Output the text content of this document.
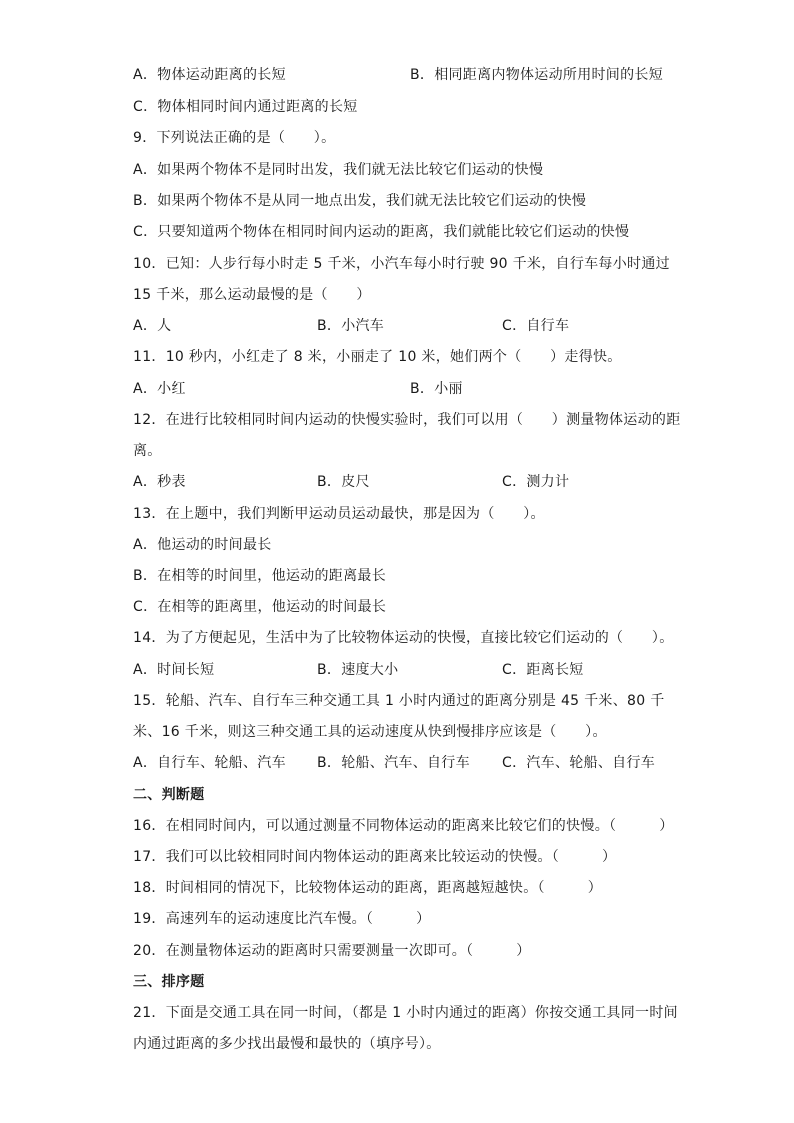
A．物体运动距离的长短	B．相同距离内物体运动所用时间的长短
C．物体相同时间内通过距离的长短
9．下列说法正确的是（　　）。
A．如果两个物体不是同时出发，我们就无法比较它们运动的快慢
B．如果两个物体不是从同一地点出发，我们就无法比较它们运动的快慢
C．只要知道两个物体在相同时间内运动的距离，我们就能比较它们运动的快慢
10．已知：人步行每小时走 5 千米，小汽车每小时行驶 90 千米，自行车每小时通过
15 千米，那么运动最慢的是（　　）
A．人	B．小汽车	C．自行车
11．10 秒内，小红走了 8 米，小丽走了 10 米，她们两个（　　）走得快。
A．小红	B．小丽
12．在进行比较相同时间内运动的快慢实验时，我们可以用（　　）测量物体运动的距
离。
A．秒表	B．皮尺	C．测力计
13．在上题中，我们判断甲运动员运动最快，那是因为（　　）。
A．他运动的时间最长
B．在相等的时间里，他运动的距离最长
C．在相等的距离里，他运动的时间最长
14．为了方便起见，生活中为了比较物体运动的快慢，直接比较它们运动的（　　）。
A．时间长短	B．速度大小	C．距离长短
15．轮船、汽车、自行车三种交通工具 1 小时内通过的距离分别是 45 千米、80 千
米、16 千米，则这三种交通工具的运动速度从快到慢排序应该是（　　）。
A．自行车、轮船、汽车 B．轮船、汽车、自行车 C．汽车、轮船、自行车
二、判断题
16．在相同时间内，可以通过测量不同物体运动的距离来比较它们的快慢。（　　　）
17．我们可以比较相同时间内物体运动的距离来比较运动的快慢。（　　　）
18．时间相同的情况下，比较物体运动的距离，距离越短越快。（　　　）
19．高速列车的运动速度比汽车慢。（　　　）
20．在测量物体运动的距离时只需要测量一次即可。（　　　）
三、排序题
21．下面是交通工具在同一时间，（都是 1 小时内通过的距离）你按交通工具同一时间
内通过距离的多少找出最慢和最快的（填序号）。
